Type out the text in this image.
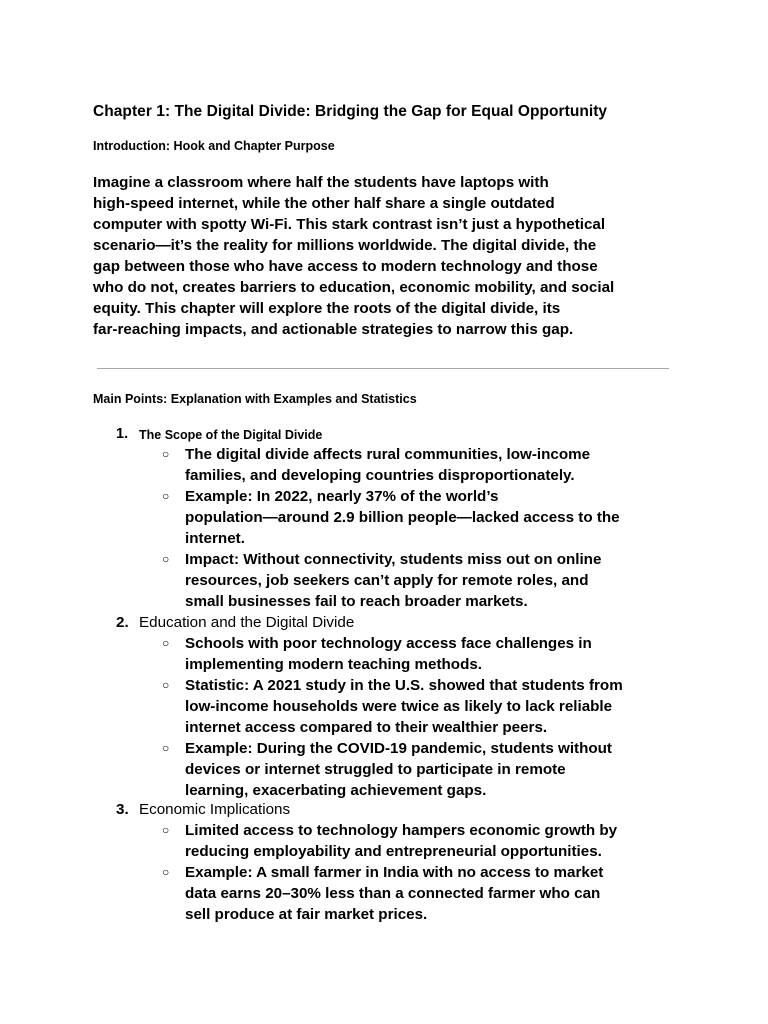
Chapter 1: The Digital Divide: Bridging the Gap for Equal Opportunity
Introduction: Hook and Chapter Purpose
Imagine a classroom where half the students have laptops with
high-speed internet, while the other half share a single outdated
computer with spotty Wi-Fi. This stark contrast isn’t just a hypothetical
scenario—it’s the reality for millions worldwide. The digital divide, the
gap between those who have access to modern technology and those
who do not, creates barriers to education, economic mobility, and social
equity. This chapter will explore the roots of the digital divide, its
far-reaching impacts, and actionable strategies to narrow this gap.
Main Points: Explanation with Examples and Statistics
1. The Scope of the Digital Divide
○ The digital divide affects rural communities, low-income
families, and developing countries disproportionately.
○ Example: In 2022, nearly 37% of the world’s
population—around 2.9 billion people—lacked access to the
internet.
○ Impact: Without connectivity, students miss out on online
resources, job seekers can’t apply for remote roles, and
small businesses fail to reach broader markets.
2. Education and the Digital Divide
○ Schools with poor technology access face challenges in
implementing modern teaching methods.
○ Statistic: A 2021 study in the U.S. showed that students from
low-income households were twice as likely to lack reliable
internet access compared to their wealthier peers.
○ Example: During the COVID-19 pandemic, students without
devices or internet struggled to participate in remote
learning, exacerbating achievement gaps.
3. Economic Implications
○ Limited access to technology hampers economic growth by
reducing employability and entrepreneurial opportunities.
○ Example: A small farmer in India with no access to market
data earns 20–30% less than a connected farmer who can
sell produce at fair market prices.
